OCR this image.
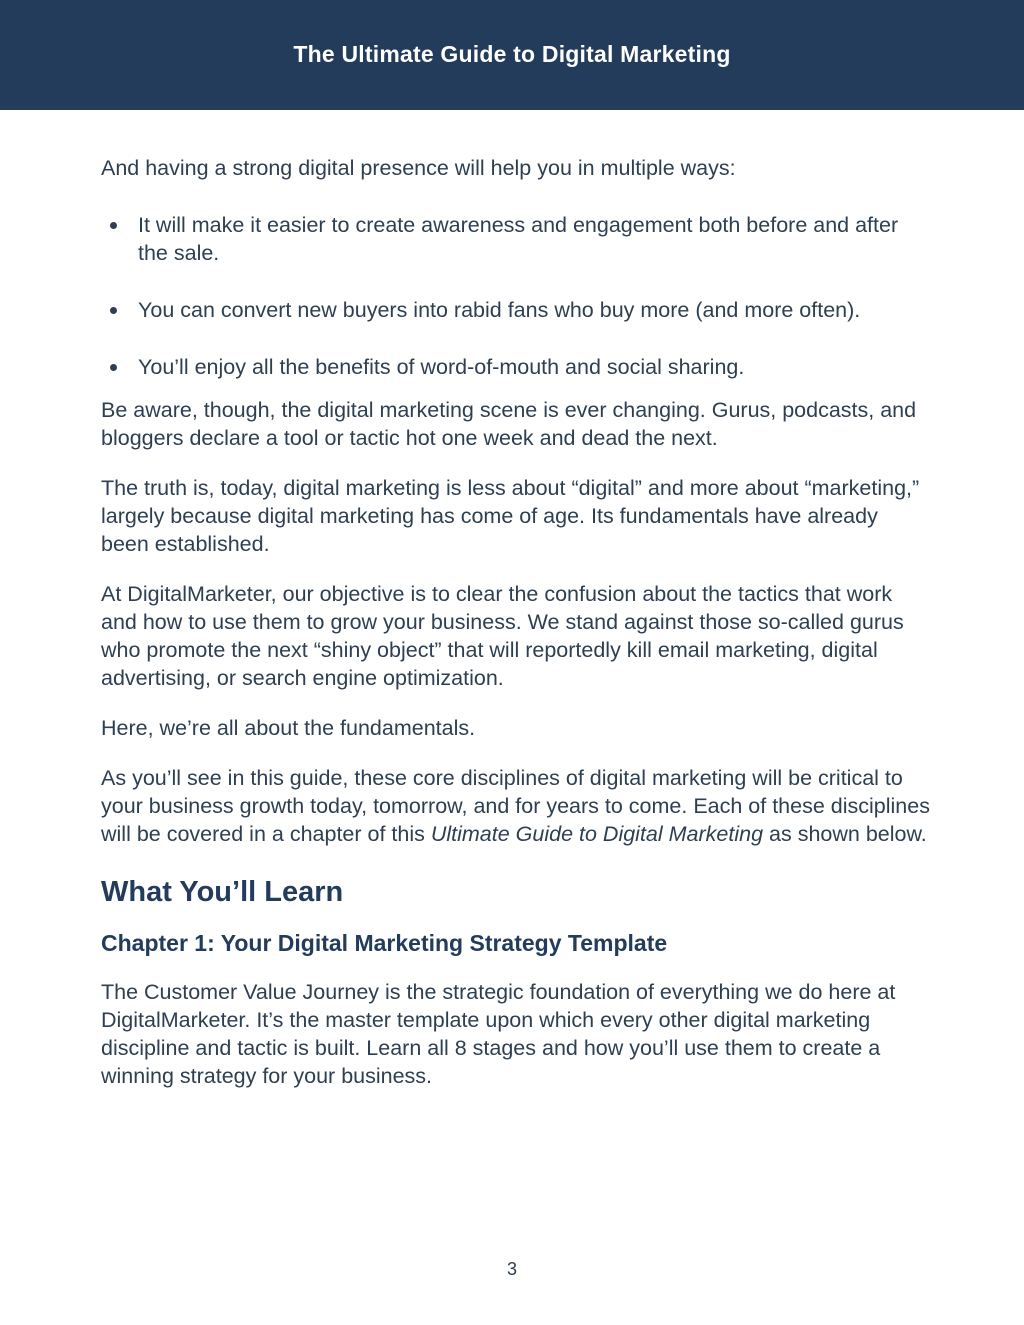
The Ultimate Guide to Digital Marketing

And having a strong digital presence will help you in multiple ways:

It will make it easier to create awareness and engagement both before and after the sale.
You can convert new buyers into rabid fans who buy more (and more often).
You’ll enjoy all the benefits of word-of-mouth and social sharing.

Be aware, though, the digital marketing scene is ever changing. Gurus, podcasts, and bloggers declare a tool or tactic hot one week and dead the next.

The truth is, today, digital marketing is less about “digital” and more about “marketing,” largely because digital marketing has come of age. Its fundamentals have already been established.

At DigitalMarketer, our objective is to clear the confusion about the tactics that work and how to use them to grow your business. We stand against those so-called gurus who promote the next “shiny object” that will reportedly kill email marketing, digital advertising, or search engine optimization.

Here, we’re all about the fundamentals.

As you’ll see in this guide, these core disciplines of digital marketing will be critical to your business growth today, tomorrow, and for years to come. Each of these disciplines will be covered in a chapter of this Ultimate Guide to Digital Marketing as shown below.

What You’ll Learn
Chapter 1: Your Digital Marketing Strategy Template

The Customer Value Journey is the strategic foundation of everything we do here at DigitalMarketer. It’s the master template upon which every other digital marketing discipline and tactic is built. Learn all 8 stages and how you’ll use them to create a winning strategy for your business.

3
